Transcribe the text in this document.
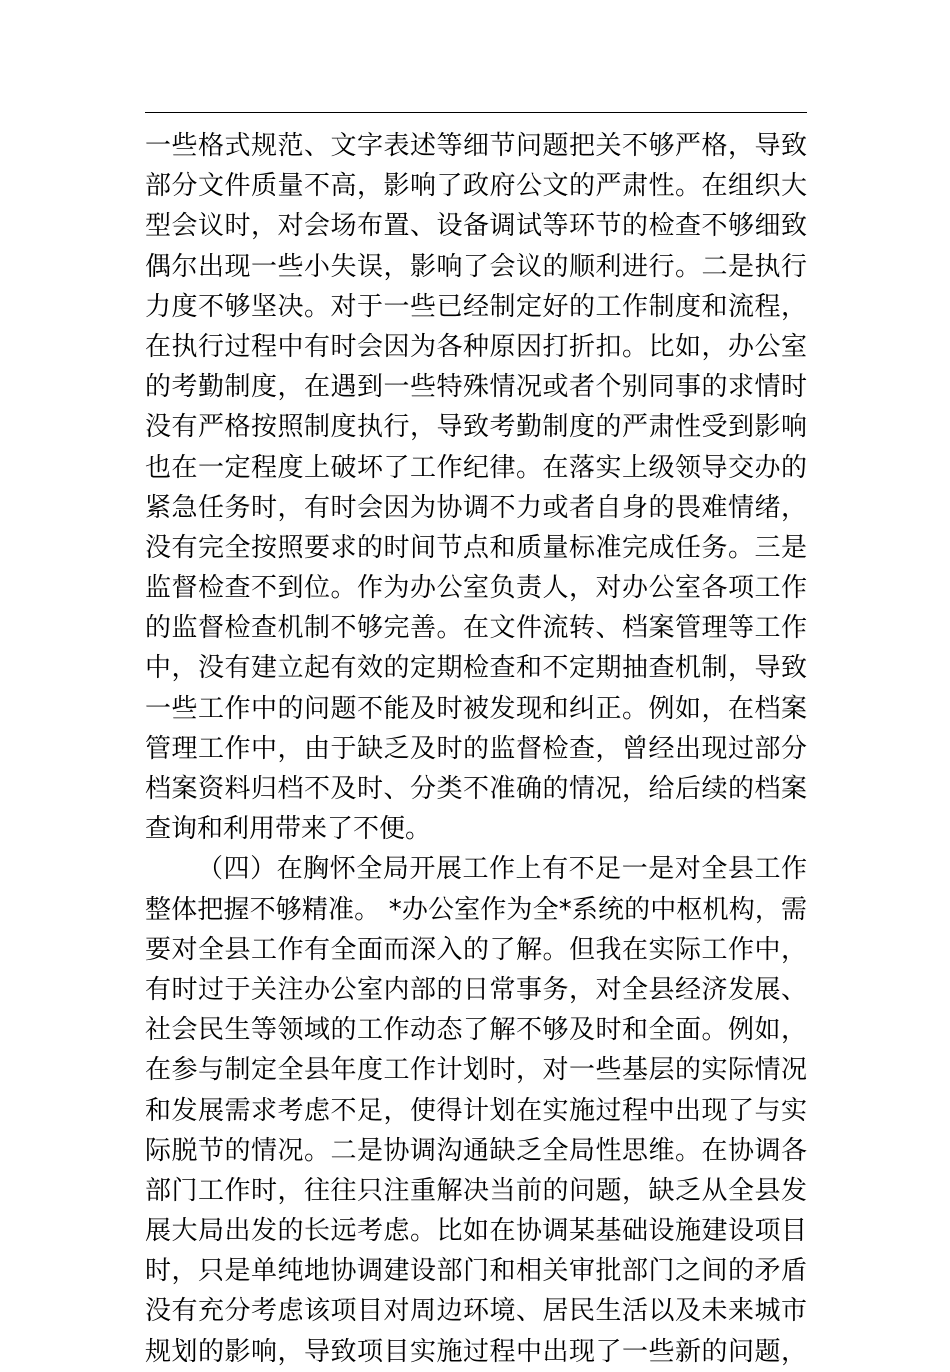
一些格式规范、文字表述等细节问题把关不够严格，导致
部分文件质量不高，影响了政府公文的严肃性。在组织大
型会议时，对会场布置、设备调试等环节的检查不够细致
偶尔出现一些小失误，影响了会议的顺利进行。二是执行
力度不够坚决。对于一些已经制定好的工作制度和流程，
在执行过程中有时会因为各种原因打折扣。比如，办公室
的考勤制度，在遇到一些特殊情况或者个别同事的求情时
没有严格按照制度执行，导致考勤制度的严肃性受到影响
也在一定程度上破坏了工作纪律。在落实上级领导交办的
紧急任务时，有时会因为协调不力或者自身的畏难情绪，
没有完全按照要求的时间节点和质量标准完成任务。三是
监督检查不到位。作为办公室负责人，对办公室各项工作
的监督检查机制不够完善。在文件流转、档案管理等工作
中，没有建立起有效的定期检查和不定期抽查机制，导致
一些工作中的问题不能及时被发现和纠正。例如，在档案
管理工作中，由于缺乏及时的监督检查，曾经出现过部分
档案资料归档不及时、分类不准确的情况，给后续的档案
查询和利用带来了不便。
（四）在胸怀全局开展工作上有不足一是对全县工作
整体把握不够精准。 *办公室作为全*系统的中枢机构，需
要对全县工作有全面而深入的了解。但我在实际工作中，
有时过于关注办公室内部的日常事务，对全县经济发展、
社会民生等领域的工作动态了解不够及时和全面。例如，
在参与制定全县年度工作计划时，对一些基层的实际情况
和发展需求考虑不足，使得计划在实施过程中出现了与实
际脱节的情况。二是协调沟通缺乏全局性思维。在协调各
部门工作时，往往只注重解决当前的问题，缺乏从全县发
展大局出发的长远考虑。比如在协调某基础设施建设项目
时，只是单纯地协调建设部门和相关审批部门之间的矛盾
没有充分考虑该项目对周边环境、居民生活以及未来城市
规划的影响，导致项目实施过程中出现了一些新的问题，
